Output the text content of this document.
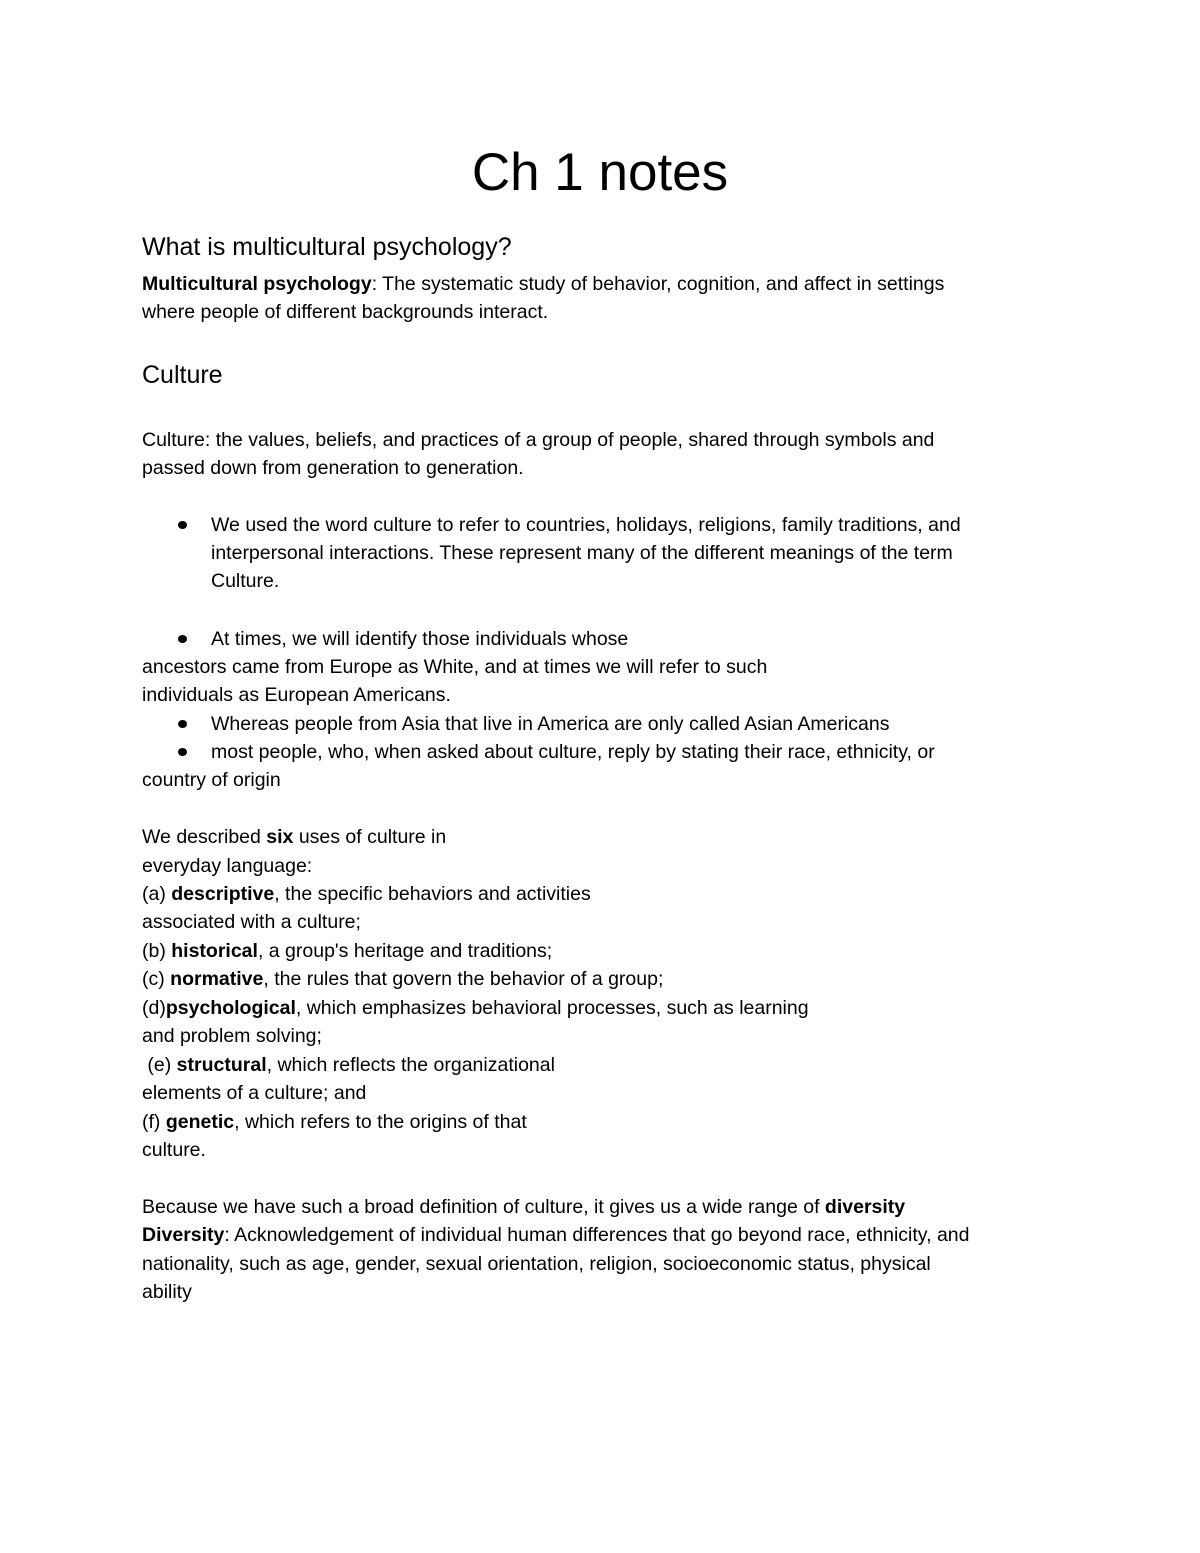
Ch 1 notes
What is multicultural psychology?

Multicultural psychology: The systematic study of behavior, cognition, and affect in settings

where people of different backgrounds interact.

Culture

Culture: the values, beliefs, and practices of a group of people, shared through symbols and

passed down from generation to generation.

We used the word culture to refer to countries, holidays, religions, family traditions, and

interpersonal interactions. These represent many of the different meanings of the term

Culture.

At times, we will identify those individuals whose

ancestors came from Europe as White, and at times we will refer to such

individuals as European Americans.

Whereas people from Asia that live in America are only called Asian Americans

most people, who, when asked about culture, reply by stating their race, ethnicity, or

country of origin

We described six uses of culture in

everyday language:

(a) descriptive, the specific behaviors and activities

associated with a culture;

(b) historical, a group's heritage and traditions;

(c) normative, the rules that govern the behavior of a group;

(d)psychological, which emphasizes behavioral processes, such as learning

and problem solving;

(e) structural, which reflects the organizational

elements of a culture; and

(f) genetic, which refers to the origins of that

culture.

Because we have such a broad definition of culture, it gives us a wide range of diversity

Diversity: Acknowledgement of individual human differences that go beyond race, ethnicity, and

nationality, such as age, gender, sexual orientation, religion, socioeconomic status, physical

ability
